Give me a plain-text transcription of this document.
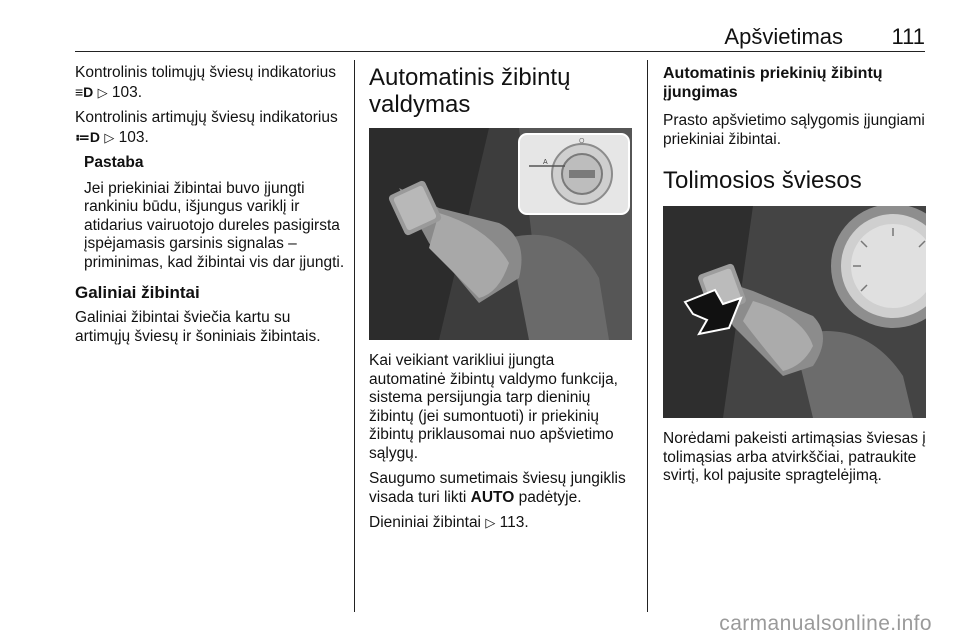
Apšvietimas 111

Kontrolinis tolimųjų šviesų indikatorius ≡D ▷ 103.

Kontrolinis artimųjų šviesų indikatorius ≔D ▷ 103.

Pastaba

Jei priekiniai žibintai buvo įjungti rankiniu būdu, išjungus variklį ir atidarius vairuotojo dureles pasigirsta įspėjamasis garsinis signalas – priminimas, kad žibintai vis dar įjungti.

Galiniai žibintai

Galiniai žibintai šviečia kartu su artimųjų šviesų ir šoniniais žibintais.

Automatinis žibintų valdymas
A
O

Kai veikiant varikliui įjungta automatinė žibintų valdymo funkcija, sistema persijungia tarp dieninių žibintų (jei sumontuoti) ir priekinių žibintų priklausomai nuo apšvietimo sąlygų.

Saugumo sumetimais šviesų jungiklis visada turi likti AUTO padėtyje.

Dieniniai žibintai ▷ 113.

Automatinis priekinių žibintų įjungimas

Prasto apšvietimo sąlygomis įjungiami priekiniai žibintai.

Tolimosios šviesos

Norėdami pakeisti artimąsias šviesas į tolimąsias arba atvirkščiai, patraukite svirtį, kol pajusite spragtelėjimą.

carmanualsonline.info
